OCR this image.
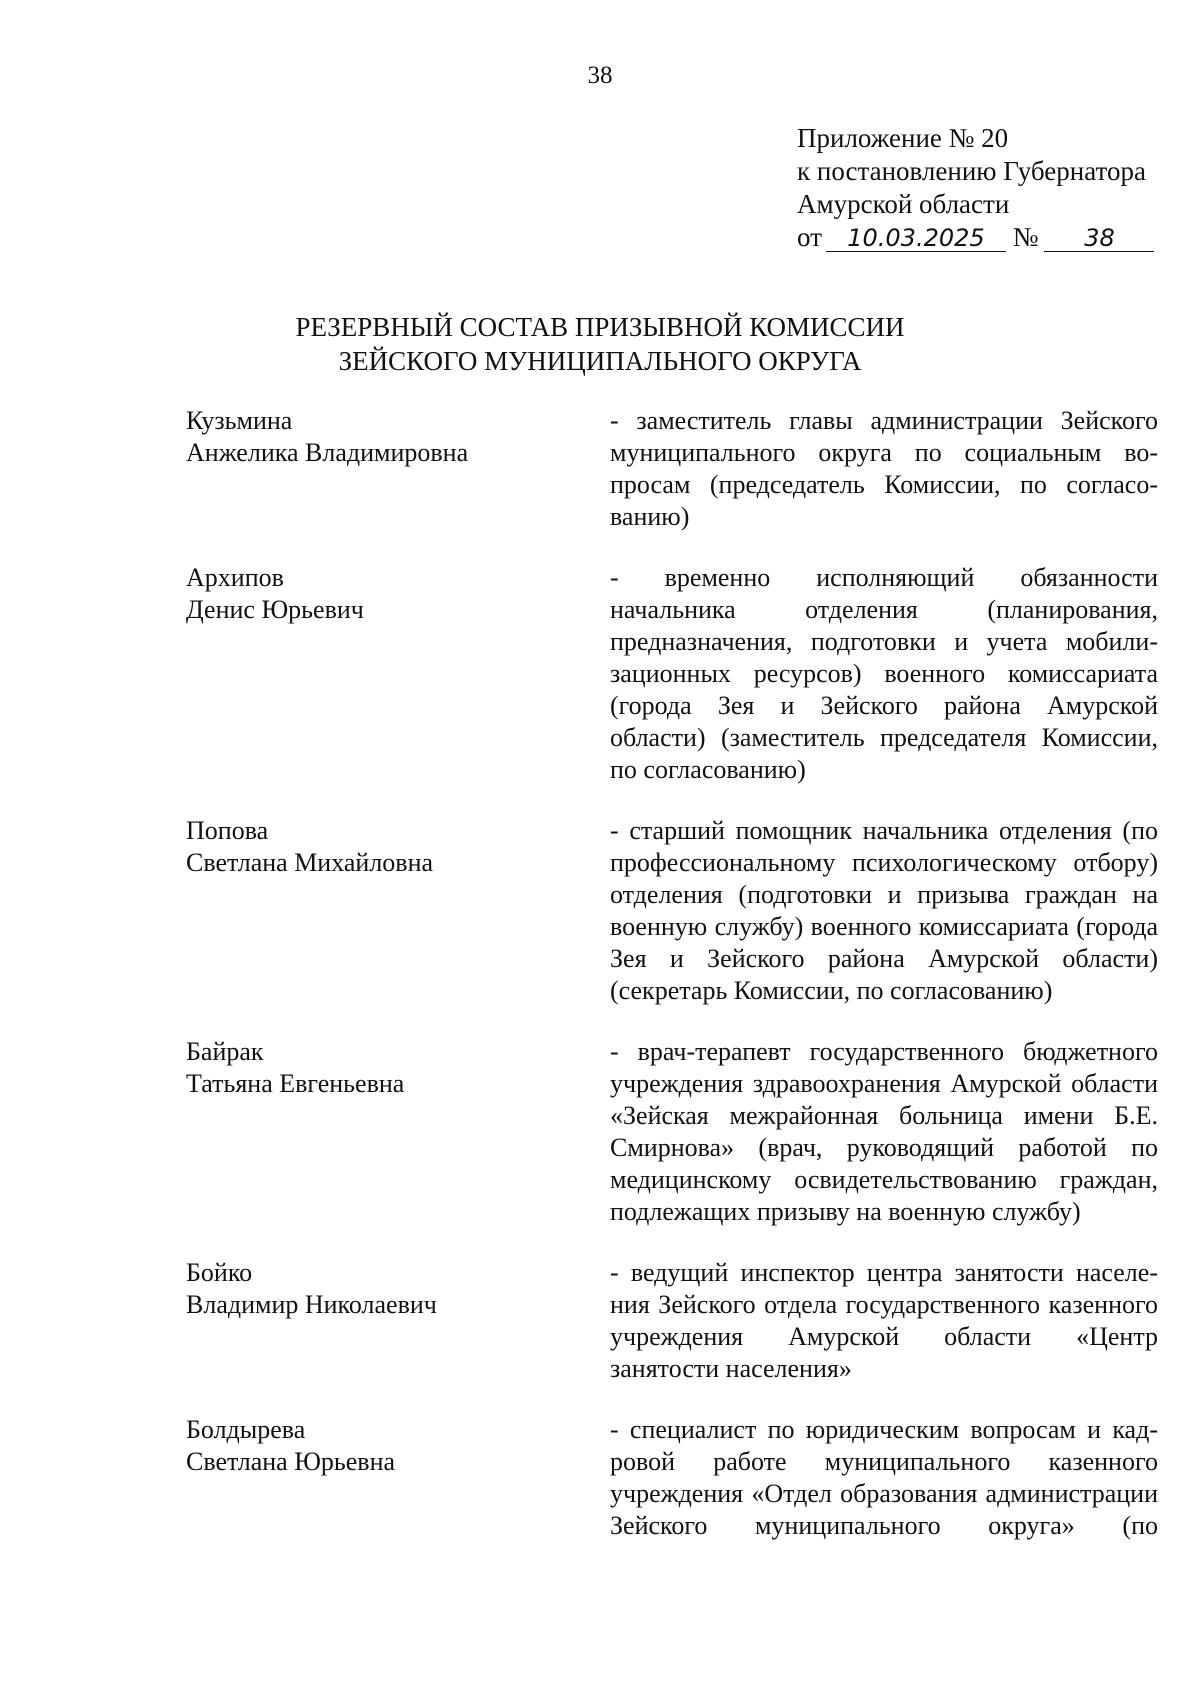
38
Приложение № 20
к постановлению Губернатора
Амурской области
от 10.03.2025 № 38
РЕЗЕРВНЫЙ СОСТАВ ПРИЗЫВНОЙ КОМИССИИ
ЗЕЙСКОГО МУНИЦИПАЛЬНОГО ОКРУГА
Кузьмина
Анжелика Владимировна
- заместитель главы администрации Зейского муниципального округа по социальным вопросам (председатель Комиссии, по согласованию)
Архипов
Денис Юрьевич
- временно исполняющий обязанности начальника отделения (планирования, предназначения, подготовки и учета мобилизационных ресурсов) военного комиссариата (города Зея и Зейского района Амурской области) (заместитель председателя Комиссии, по согласованию)
Попова
Светлана Михайловна
- старший помощник начальника отделения (по профессиональному психологическому отбору) отделения (подготовки и призыва граждан на военную службу) военного комиссариата (города Зея и Зейского района Амурской области) (секретарь Комиссии, по согласованию)
Байрак
Татьяна Евгеньевна
- врач-терапевт государственного бюджетного учреждения здравоохранения Амурской области «Зейская межрайонная больница имени Б.Е. Смирнова» (врач, руководящий работой по медицинскому освидетельствованию граждан, подлежащих призыву на военную службу)
Бойко
Владимир Николаевич
- ведущий инспектор центра занятости населения Зейского отдела государственного казенного учреждения Амурской области «Центр занятости населения»
Болдырева
Светлана Юрьевна
- специалист по юридическим вопросам и кадровой работе муниципального казенного учреждения «Отдел образования администрации Зейского муниципального округа» (по
